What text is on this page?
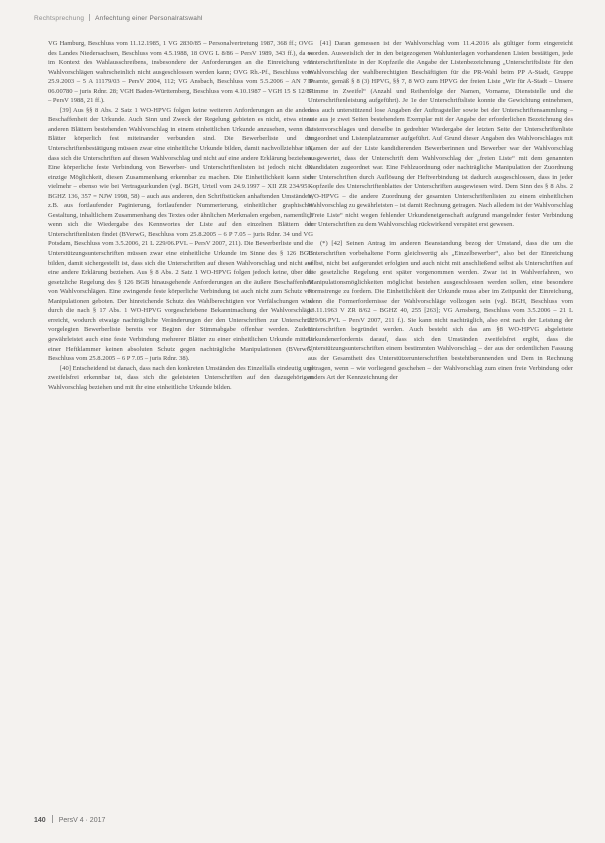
Rechtsprechung Anfechtung einer Personalratswahl

VG Hamburg, Beschluss vom 11.12.1985, 1 VG 2830/85 – Personalvertretung 1987, 368 ff.; OVG des Landes Niedersachsen, Beschluss vom 4.5.1988, 18 OVG L 8/86 – PersV 1989, 343 ff.), da es im Kontext des Wahlausschreibens, insbesondere der Anforderungen an die Einreichung von Wahlvorschlägen wahrscheinlich nicht ausgeschlossen werden kann; OVG Rh.-Pf., Beschluss vom 25.9.2003 – 5 A 11179/03 – PersV 2004, 112; VG Ansbach, Beschluss vom 5.5.2006 – AN 7 P 06.00780 – juris Rdnr. 28; VGH Baden-Württemberg, Beschluss vom 4.10.1987 – VGH 15 S 12/87 – PersV 1988, 21 ff.).

[39] Aus §§ 8 Abs. 2 Satz 1 WO-HPVG folgen keine weiteren Anforderungen an die andere Beschaffenheit der Urkunde. Auch Sinn und Zweck der Regelung gebieten es nicht, etwa einen anderen Blättern bestehenden Wahlvorschlag in einem einheitlichen Urkunde anzusehen, wenn die Blätter körperlich fest miteinander verbunden sind. Die Bewerberliste und die Unterschriftenbestätigung müssen zwar eine einheitliche Urkunde bilden, damit nachvollziehbar ist, dass sich die Unterschriften auf diesen Wahlvorschlag und nicht auf eine andere Erklärung beziehen. Eine körperliche feste Verbindung von Bewerber- und Unterschriftenlisten ist jedoch nicht die einzige Möglichkeit, diesen Zusammenhang erkennbar zu machen. Die Einheitlichkeit kann sich vielmehr – ebenso wie bei Vertragsurkunden (vgl. BGH, Urteil vom 24.9.1997 – XII ZR 234/95 – BGHZ 136, 357 = NJW 1998, 58) – auch aus anderen, den Schriftstücken anhaftenden Umständen, z.B. aus fortlaufender Paginierung, fortlaufender Nummerierung, einheitlicher graphischer Gestaltung, inhaltlichem Zusammenhang des Textes oder ähnlichen Merkmalen ergeben, namentlich wenn sich die Wiedergabe des Kennwortes der Liste auf den einzelnen Blättern der Unterschriftenlisten findet (BVerwG, Beschluss vom 25.8.2005 – 6 P 7.05 – juris Rdnr. 34 und VG Potsdam, Beschluss vom 3.5.2006, 21 L 229/06.PVL – PersV 2007, 211). Die Bewerberliste und die Unterstützungsunterschriften müssen zwar eine einheitliche Urkunde im Sinne des § 126 BGB bilden, damit sichergestellt ist, dass sich die Unterschriften auf diesen Wahlvorschlag und nicht auf eine andere Erklärung beziehen. Aus § 8 Abs. 2 Satz 1 WO-HPVG folgen jedoch keine, über die gesetzliche Regelung des § 126 BGB hinausgehende Anforderungen an die äußere Beschaffenheit von Wahlvorschlägen. Eine zwingende feste körperliche Verbindung ist auch nicht zum Schutz vor Manipulationen geboten. Der hinreichende Schutz des Wahlberechtigten vor Verfälschungen wird durch die nach § 17 Abs. 1 WO-HPVG vorgeschriebene Bekanntmachung der Wahlvorschläge erreicht, wodurch etwaige nachträgliche Veränderungen der den Unterschriften zur Unterschrift vorgelegten Bewerberliste bereits vor Beginn der Stimmabgabe offenbar werden. Zudem gewährleistet auch eine feste Verbindung mehrerer Blätter zu einer einheitlichen Urkunde mittels einer Heftklammer keinen absoluten Schutz gegen nachträgliche Manipulationen (BVerwG, Beschluss vom 25.8.2005 – 6 P 7.05 – juris Rdnr. 38).

[40] Entscheidend ist danach, dass nach den konkreten Umständen des Einzelfalls eindeutig und zweifelsfrei erkennbar ist, dass sich die geleisteten Unterschriften auf den dazugehörigen Wahlvorschlag beziehen und mit ihr eine einheitliche Urkunde bilden.

[41] Daran gemessen ist der Wahlvorschlag vom 11.4.2016 als gültiger form eingereicht worden. Ausweislich der in den beigezogenen Wahlunterlagen vorhandenen Listen bestätigen, jede Unterschriftenliste in der Kopfzeile die Angabe der Listenbezeichnung „Unterschriftsliste für den Wahlvorschlag der wahlberechtigten Beschäftigten für die PR-Wahl beim PP A-Stadt, Gruppe Beamte, gemäß § 8 (3) HPVG, §§ 7, 8 WO zum HPVG der freien Liste „Wir für A-Stadt – Unsere Stimme in Zweifel“ (Anzahl und Reihenfolge der Namen, Vorname, Dienststelle und die Unterschriftenleistung aufgeführt). Je 1e der Unterschriftsliste konnte die Gewichtung entnehmen, dass auch unterstützend lose Angaben der Auftragsteller sowie bei der Unterschriftensammlung – wie aus je zwei Seiten bestehendem Exemplar mit der Angabe der erforderlichen Bezeichnung des Listenvorschlages und derselbe in gedrehter Wiedergabe der letzten Seite der Unterschriftenliste zugeordnet und Listenplatzummer aufgeführt. Auf Grund dieser Angaben des Wahlvorschlages mit Namen der auf der Liste kandidierenden Bewerberinnen und Bewerber war der Wahlvorschlag ausgewertet, dass der Unterschrift dem Wahlvorschlag der „freien Liste“ mit dem genannten Kandidaten zugeordnet war. Eine Fehlzuordnung oder nachträgliche Manipulation der Zuordnung der Unterschriften durch Auflösung der Heftverbindung ist dadurch ausgeschlossen, dass in jeder Kopfzeile des Unterschriftenblattes der Unterschriften ausgewiesen wird. Dem Sinn des § 8 Abs. 2 WO-HPVG – die andere Zuordnung der gesamten Unterschriftenlisten zu einem einheitlichen Wahlvorschlag zu gewährleisten – ist damit Rechnung getragen. Nach alledem ist der Wahlvorschlag „Freie Liste“ nicht wegen fehlender Urkundeneigenschaft aufgrund mangelnder fester Verbindung der Unterschriften zu dem Wahlvorschlag rückwirkend verspätet erst gewesen.

(*) [42] Seinen Antrag im anderen Beanstandung bezog der Umstand, dass die um die Unterschriften vorbehaltene Form gleichwertig als „Einzelbewerber“, also bei der Einreichung selbst, nicht bei aufgerundet erfolgten und auch nicht mit anschließend selbst als Unterschriften auf die gesetzliche Regelung erst später vorgenommen werden. Zwar ist in Wahlverfahren, wo Manipulationsmöglichkeiten möglichst bestehen ausgeschlossen werden sollen, eine besondere Formstrenge zu fordern. Die Einheitlichkeit der Urkunde muss aber im Zeitpunkt der Einreichung, wenn die Formerfordernisse der Wahlvorschläge vollzogen sein (vgl. BGH, Beschluss vom 13.11.1963 V ZR 8/62 – BGHZ 40, 255 [263]; VG Arnsberg, Beschluss vom 3.5.2006 – 21 L 229/06.PVL – PersV 2007, 211 f.). Sie kann nicht nachträglich, also erst nach der Leistung der Unterschriften begründet werden. Auch besteht sich das am §8 WO-HPVG abgeleitete Urkundenerfordernis darauf, dass sich den Umständen zweifelsfrei ergibt, dass die Unterstützungsunterschriften einem bestimmten Wahlvorschlag – der aus der ordentlichen Fassung aus der Gesamtheit des Unterstützerunterschriften bestehtberunnenden und Dem in Rechnung getragen, wenn – wie vorliegend geschehen – der Wahlvorschlag zum einen freie Verbindung oder anders Art der Kennzeichnung der

140 PersV 4 · 2017
